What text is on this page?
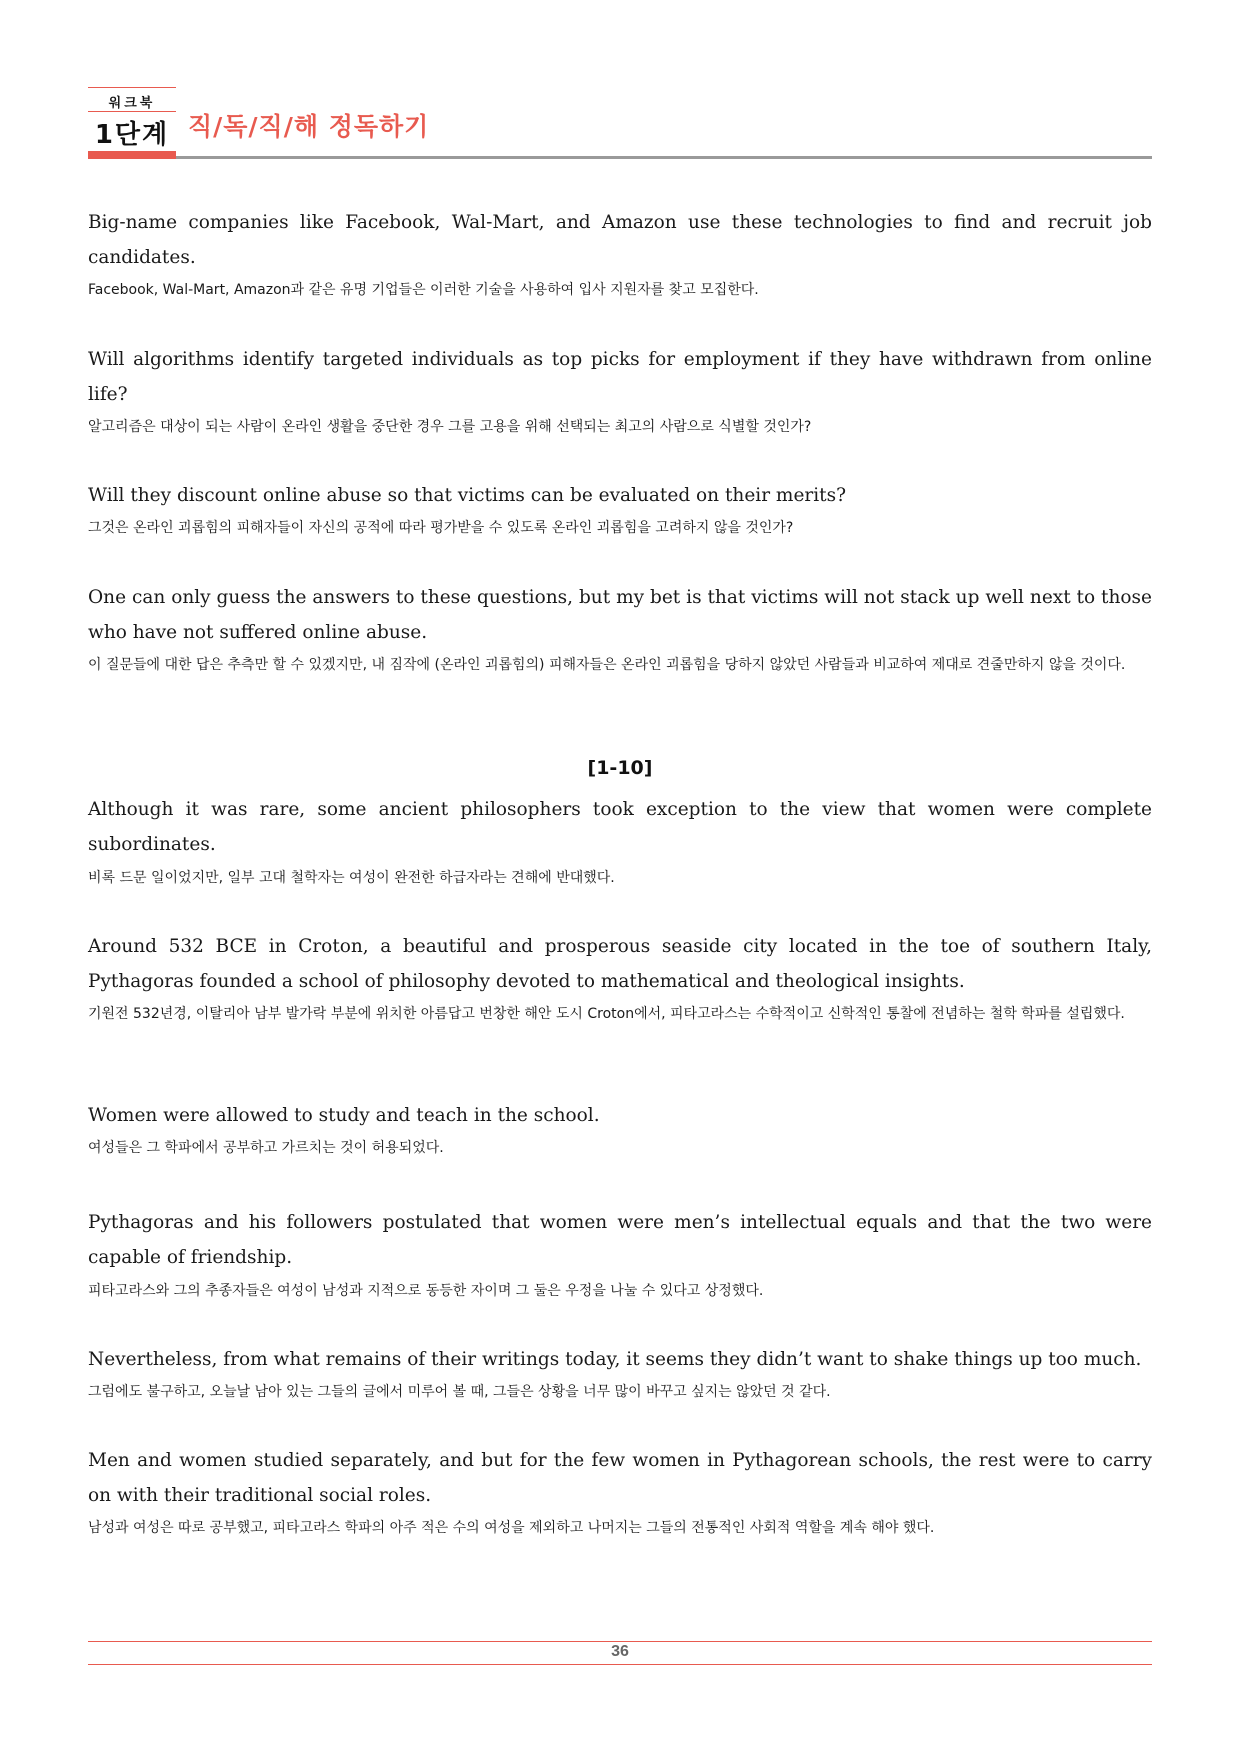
워크북
1단계 직/독/직/해 정독하기
Big-name companies like Facebook, Wal-Mart, and Amazon use these technologies to find and recruit job candidates.
Facebook, Wal-Mart, Amazon과 같은 유명 기업들은 이러한 기술을 사용하여 입사 지원자를 찾고 모집한다.
Will algorithms identify targeted individuals as top picks for employment if they have withdrawn from online life?
알고리즘은 대상이 되는 사람이 온라인 생활을 중단한 경우 그를 고용을 위해 선택되는 최고의 사람으로 식별할 것인가?
Will they discount online abuse so that victims can be evaluated on their merits?
그것은 온라인 괴롭힘의 피해자들이 자신의 공적에 따라 평가받을 수 있도록 온라인 괴롭힘을 고려하지 않을 것인가?
One can only guess the answers to these questions, but my bet is that victims will not stack up well next to those who have not suffered online abuse.
이 질문들에 대한 답은 추측만 할 수 있겠지만, 내 짐작에 (온라인 괴롭힘의) 피해자들은 온라인 괴롭힘을 당하지 않았던 사람들과 비교하여 제대로 견줄만하지 않을 것이다.
[1-10]
Although it was rare, some ancient philosophers took exception to the view that women were complete subordinates.
비록 드문 일이었지만, 일부 고대 철학자는 여성이 완전한 하급자라는 견해에 반대했다.
Around 532 BCE in Croton, a beautiful and prosperous seaside city located in the toe of southern Italy, Pythagoras founded a school of philosophy devoted to mathematical and theological insights.
기원전 532년경, 이탈리아 남부 발가락 부분에 위치한 아름답고 번창한 해안 도시 Croton에서, 피타고라스는 수학적이고 신학적인 통찰에 전념하는 철학 학파를 설립했다.
Women were allowed to study and teach in the school.
여성들은 그 학파에서 공부하고 가르치는 것이 허용되었다.
Pythagoras and his followers postulated that women were men’s intellectual equals and that the two were capable of friendship.
피타고라스와 그의 추종자들은 여성이 남성과 지적으로 동등한 자이며 그 둘은 우정을 나눌 수 있다고 상정했다.
Nevertheless, from what remains of their writings today, it seems they didn’t want to shake things up too much.
그럼에도 불구하고, 오늘날 남아 있는 그들의 글에서 미루어 볼 때, 그들은 상황을 너무 많이 바꾸고 싶지는 않았던 것 같다.
Men and women studied separately, and but for the few women in Pythagorean schools, the rest were to carry on with their traditional social roles.
남성과 여성은 따로 공부했고, 피타고라스 학파의 아주 적은 수의 여성을 제외하고 나머지는 그들의 전통적인 사회적 역할을 계속 해야 했다.
36
